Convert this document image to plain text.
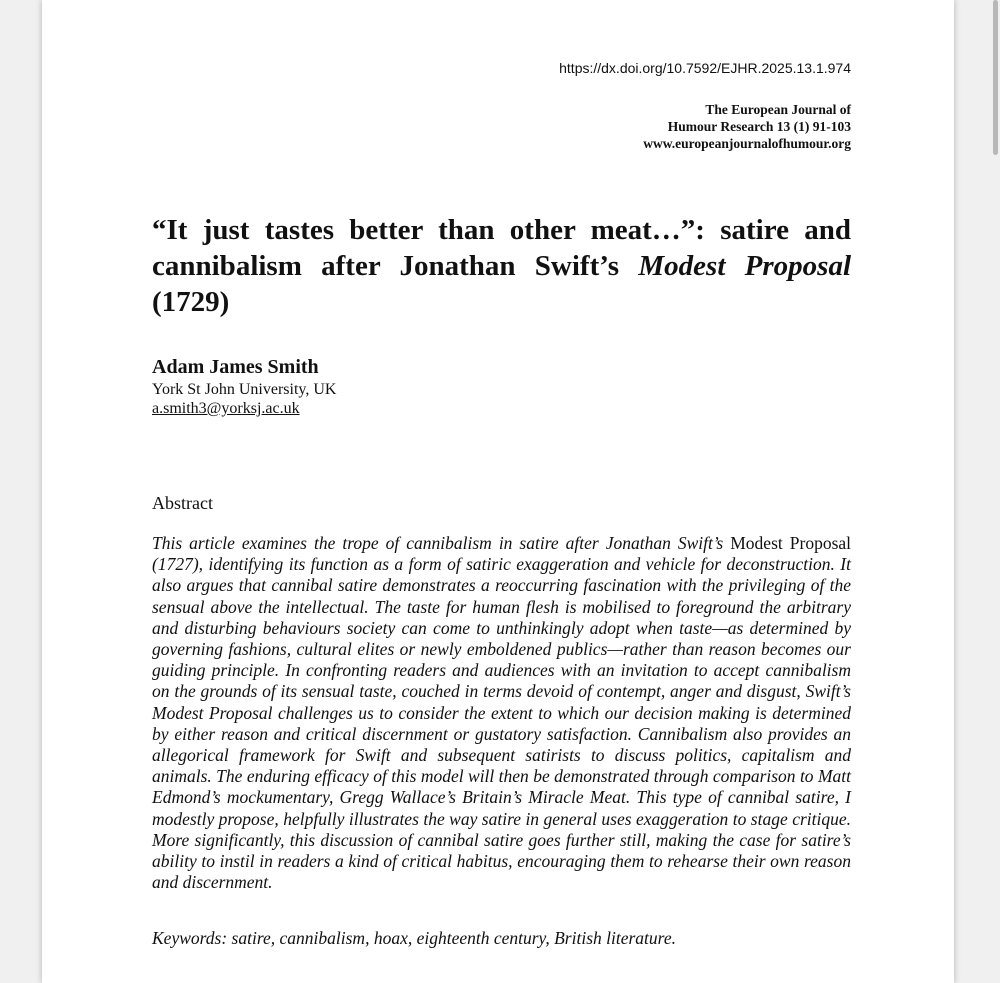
https://dx.doi.org/10.7592/EJHR.2025.13.1.974
The European Journal of
Humour Research 13 (1) 91-103
www.europeanjournalofhumour.org
“It just tastes better than other meat…”: satire and cannibalism after Jonathan Swift’s Modest Proposal (1729)
Adam James Smith
York St John University, UK
a.smith3@yorksj.ac.uk
Abstract

This article examines the trope of cannibalism in satire after Jonathan Swift’s Modest Proposal (1727), identifying its function as a form of satiric exaggeration and vehicle for deconstruction. It also argues that cannibal satire demonstrates a reoccurring fascination with the privileging of the sensual above the intellectual. The taste for human flesh is mobilised to foreground the arbitrary and disturbing behaviours society can come to unthinkingly adopt when taste—as determined by governing fashions, cultural elites or newly emboldened publics—rather than reason becomes our guiding principle. In confronting readers and audiences with an invitation to accept cannibalism on the grounds of its sensual taste, couched in terms devoid of contempt, anger and disgust, Swift’s Modest Proposal challenges us to consider the extent to which our decision making is determined by either reason and critical discernment or gustatory satisfaction. Cannibalism also provides an allegorical framework for Swift and subsequent satirists to discuss politics, capitalism and animals. The enduring efficacy of this model will then be demonstrated through comparison to Matt Edmond’s mockumentary, Gregg Wallace’s Britain’s Miracle Meat. This type of cannibal satire, I modestly propose, helpfully illustrates the way satire in general uses exaggeration to stage critique. More significantly, this discussion of cannibal satire goes further still, making the case for satire’s ability to instil in readers a kind of critical habitus, encouraging them to rehearse their own reason and discernment.

Keywords: satire, cannibalism, hoax, eighteenth century, British literature.
